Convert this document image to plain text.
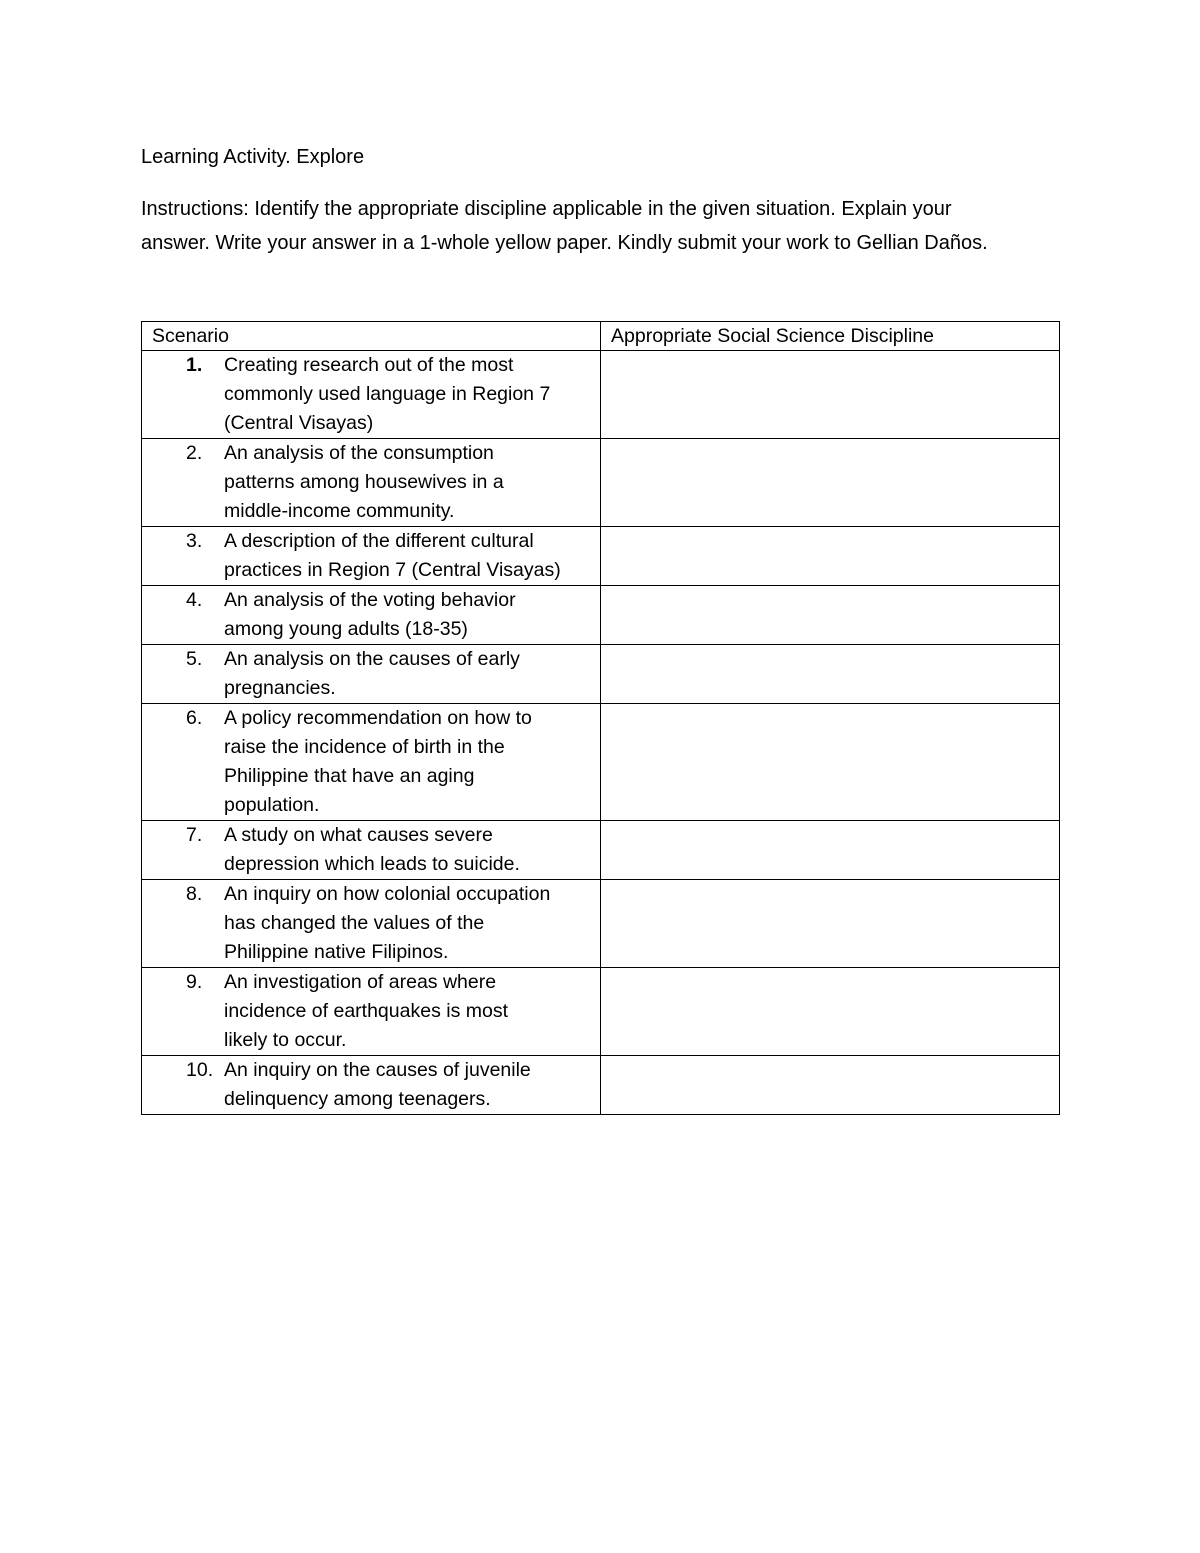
Learning Activity. Explore
Instructions: Identify the appropriate discipline applicable in the given situation. Explain your
answer. Write your answer in a 1-whole yellow paper. Kindly submit your work to Gellian Daños.
Scenario	Appropriate Social Science Discipline

1. Creating research out of the most
commonly used language in Region 7
(Central Visayas)	

2. An analysis of the consumption
patterns among housewives in a
middle-income community.	

3. A description of the different cultural
practices in Region 7 (Central Visayas)	

4. An analysis of the voting behavior
among young adults (18-35)	

5. An analysis on the causes of early
pregnancies.	

6. A policy recommendation on how to
raise the incidence of birth in the
Philippine that have an aging
population.	

7. A study on what causes severe
depression which leads to suicide.	

8. An inquiry on how colonial occupation
has changed the values of the
Philippine native Filipinos.	

9. An investigation of areas where
incidence of earthquakes is most
likely to occur.	

10. An inquiry on the causes of juvenile
delinquency among teenagers.	
